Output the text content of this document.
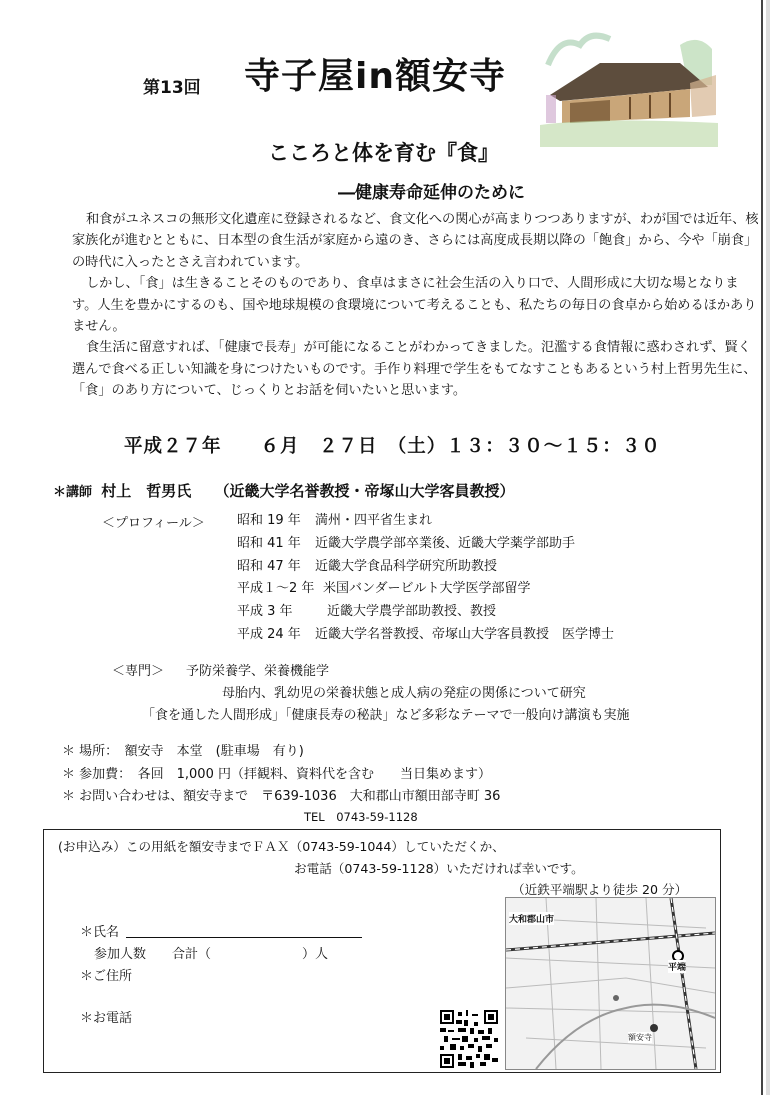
第13回 寺子屋in額安寺
こころと体を育む『食』
―健康寿命延伸のために

和食がユネスコの無形文化遺産に登録されるなど、食文化への関心が高まりつつありますが、わが国では近年、核家族化が進むとともに、日本型の食生活が家庭から遠のき、さらには高度成長期以降の「飽食」から、今や「崩食」の時代に入ったとさえ言われています。

しかし、「食」は生きることそのものであり、食卓はまさに社会生活の入り口で、人間形成に大切な場となります。人生を豊かにするのも、国や地球規模の食環境について考えることも、私たちの毎日の食卓から始めるほかありません。

食生活に留意すれば、「健康で長寿」が可能になることがわかってきました。氾濫する食情報に惑わされず、賢く選んで食べる正しい知識を身につけたいものです。手作り料理で学生をもてなすこともあるという村上哲男先生に、「食」のあり方について、じっくりとお話を伺いたいと思います。

平成２７年　　６月　２７日　（土）１３：３０〜１５：３０
＊講師 村上　哲男氏 （近畿大学名誉教授・帝塚山大学客員教授）
＜プロフィール＞ 昭和 19 年 満州・四平省生まれ
昭和 41 年 近畿大学農学部卒業後、近畿大学薬学部助手
昭和 47 年 近畿大学食品科学研究所助教授
平成１〜2 年 米国バンダービルト大学医学部留学
平成 3 年	近畿大学農学部助教授、教授
平成 24 年 近畿大学名誉教授、帝塚山大学客員教授　医学博士
＜専門＞ 予防栄養学、栄養機能学
母胎内、乳幼児の栄養状態と成人病の発症の関係について研究
「食を通した人間形成」「健康長寿の秘訣」など多彩なテーマで一般向け講演も実施
＊ 場所：　額安寺　本堂　(駐車場　有り)
＊ 参加費：　各回　1,000 円（拝観料、資料代を含む　　当日集めます）
＊ お問い合わせは、額安寺まで　〒639-1036　大和郡山市額田部寺町 36
TEL　0743-59-1128
(お申込み）この用紙を額安寺までＦＡＸ（0743-59-1044）していただくか、
お電話（0743-59-1128）いただければ幸いです。
（近鉄平端駅より徒歩 20 分）
＊氏名
参加人数　　合計（　　　　　　　）人
＊ご住所
＊お電話
大和郡山市
平端
額安寺
